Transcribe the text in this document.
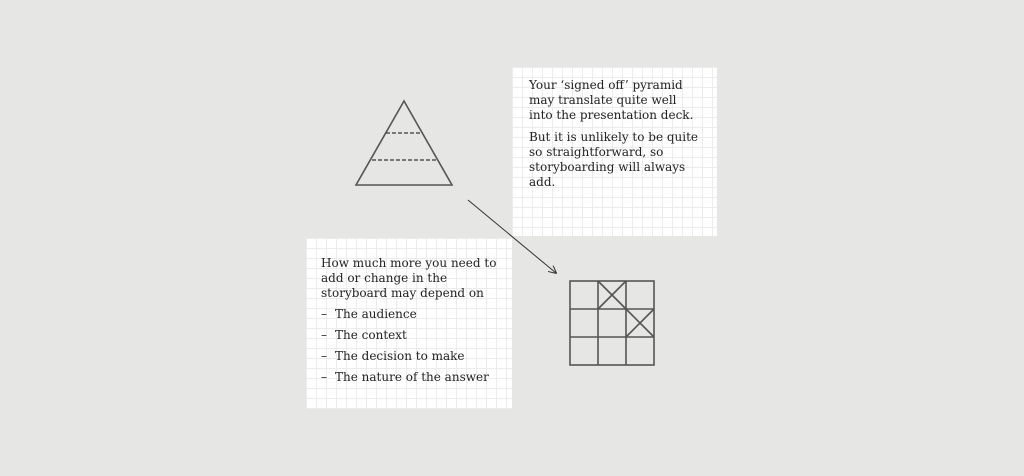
Your ‘signed off’ pyramid may translate quite well into the presentation deck.

But it is unlikely to be quite so straightforward, so storyboarding will always add.

How much more you need to add or change in the storyboard may depend on

– The audience
– The context
– The decision to make
– The nature of the answer
